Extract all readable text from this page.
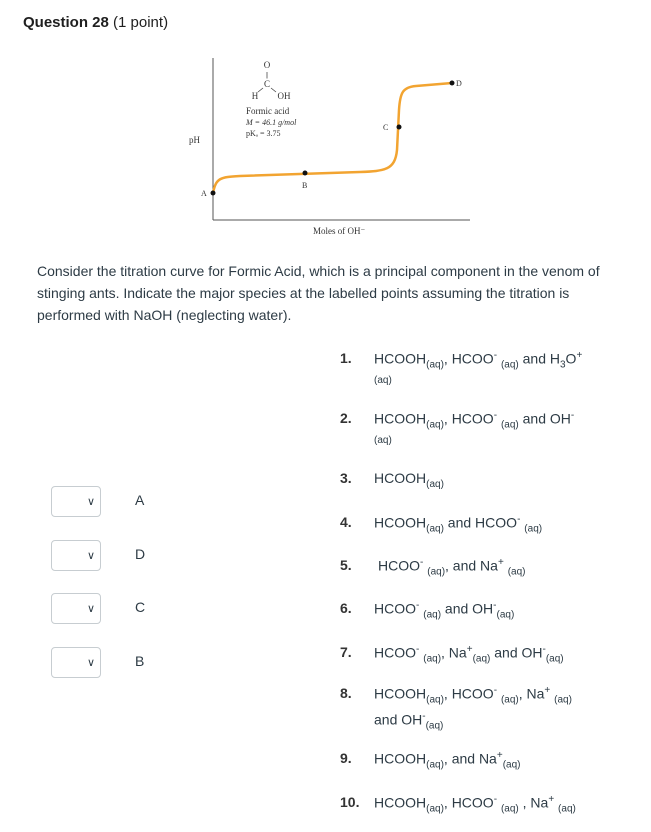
Question 28 (1 point)
O
||
C
H OH
Formic acid
M = 46.1 g/mol
pKₐ = 3.75
pH
Moles of OH⁻
A
B
C
D
Consider the titration curve for Formic Acid, which is a principal component in the venom of stinging ants. Indicate the major species at the labelled points assuming the titration is performed with NaOH (neglecting water).
1. $HCOOH_{(aq)}$, HCOO- $_{(aq)}$ and $H_3O^+$
(aq)
2. $HCOOH_{(aq)}$, HCOO- $_{(aq)}$ and OH-
(aq)
3. $HCOOH_{(aq)}$
4. $HCOOH_{(aq)}$ and HCOO- $_{(aq)}$
5. HCOO- $_{(aq)}$, and Na+ $_{(aq)}$
6. HCOO- $_{(aq)}$ and $OH^-_{(aq)}$
7. HCOO- $_{(aq)}$, $Na^+_{(aq)}$ and $OH^-_{(aq)}$
8. $HCOOH_{(aq)}$, HCOO- $_{(aq)}$, Na+ $_{(aq)}$
and $OH^-_{(aq)}$
9. $HCOOH_{(aq)}$, and $Na^+_{(aq)}$
10. $HCOOH_{(aq)}$, HCOO- $_{(aq)}$ , Na+ $_{(aq)}$
∨	A
∨	D
∨	C
∨	B
